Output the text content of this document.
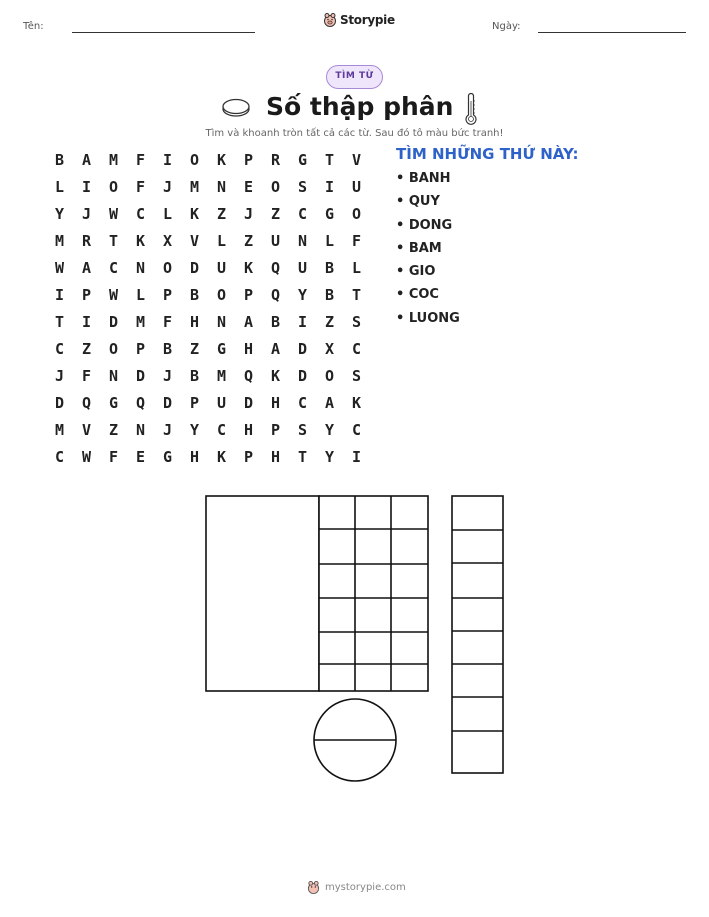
Tên:	Storypie	Ngày:
TÌM TỪ
Số thập phân
Tìm và khoanh tròn tất cả các từ. Sau đó tô màu bức tranh!
B	A	M	F	I	O	K	P	R	G	T	V
L	I	O	F	J	M	N	E	O	S	I	U
Y	J	W	C	L	K	Z	J	Z	C	G	O
M	R	T	K	X	V	L	Z	U	N	L	F
W	A	C	N	O	D	U	K	Q	U	B	L
I	P	W	L	P	B	O	P	Q	Y	B	T
T	I	D	M	F	H	N	A	B	I	Z	S
C	Z	O	P	B	Z	G	H	A	D	X	C
J	F	N	D	J	B	M	Q	K	D	O	S
D	Q	G	Q	D	P	U	D	H	C	A	K
M	V	Z	N	J	Y	C	H	P	S	Y	C
C	W	F	E	G	H	K	P	H	T	Y	I
TÌM NHỮNG THỨ NÀY:
• BANH
• QUY
• DONG
• BAM
• GIO
• COC
• LUONG
mystorypie.com
